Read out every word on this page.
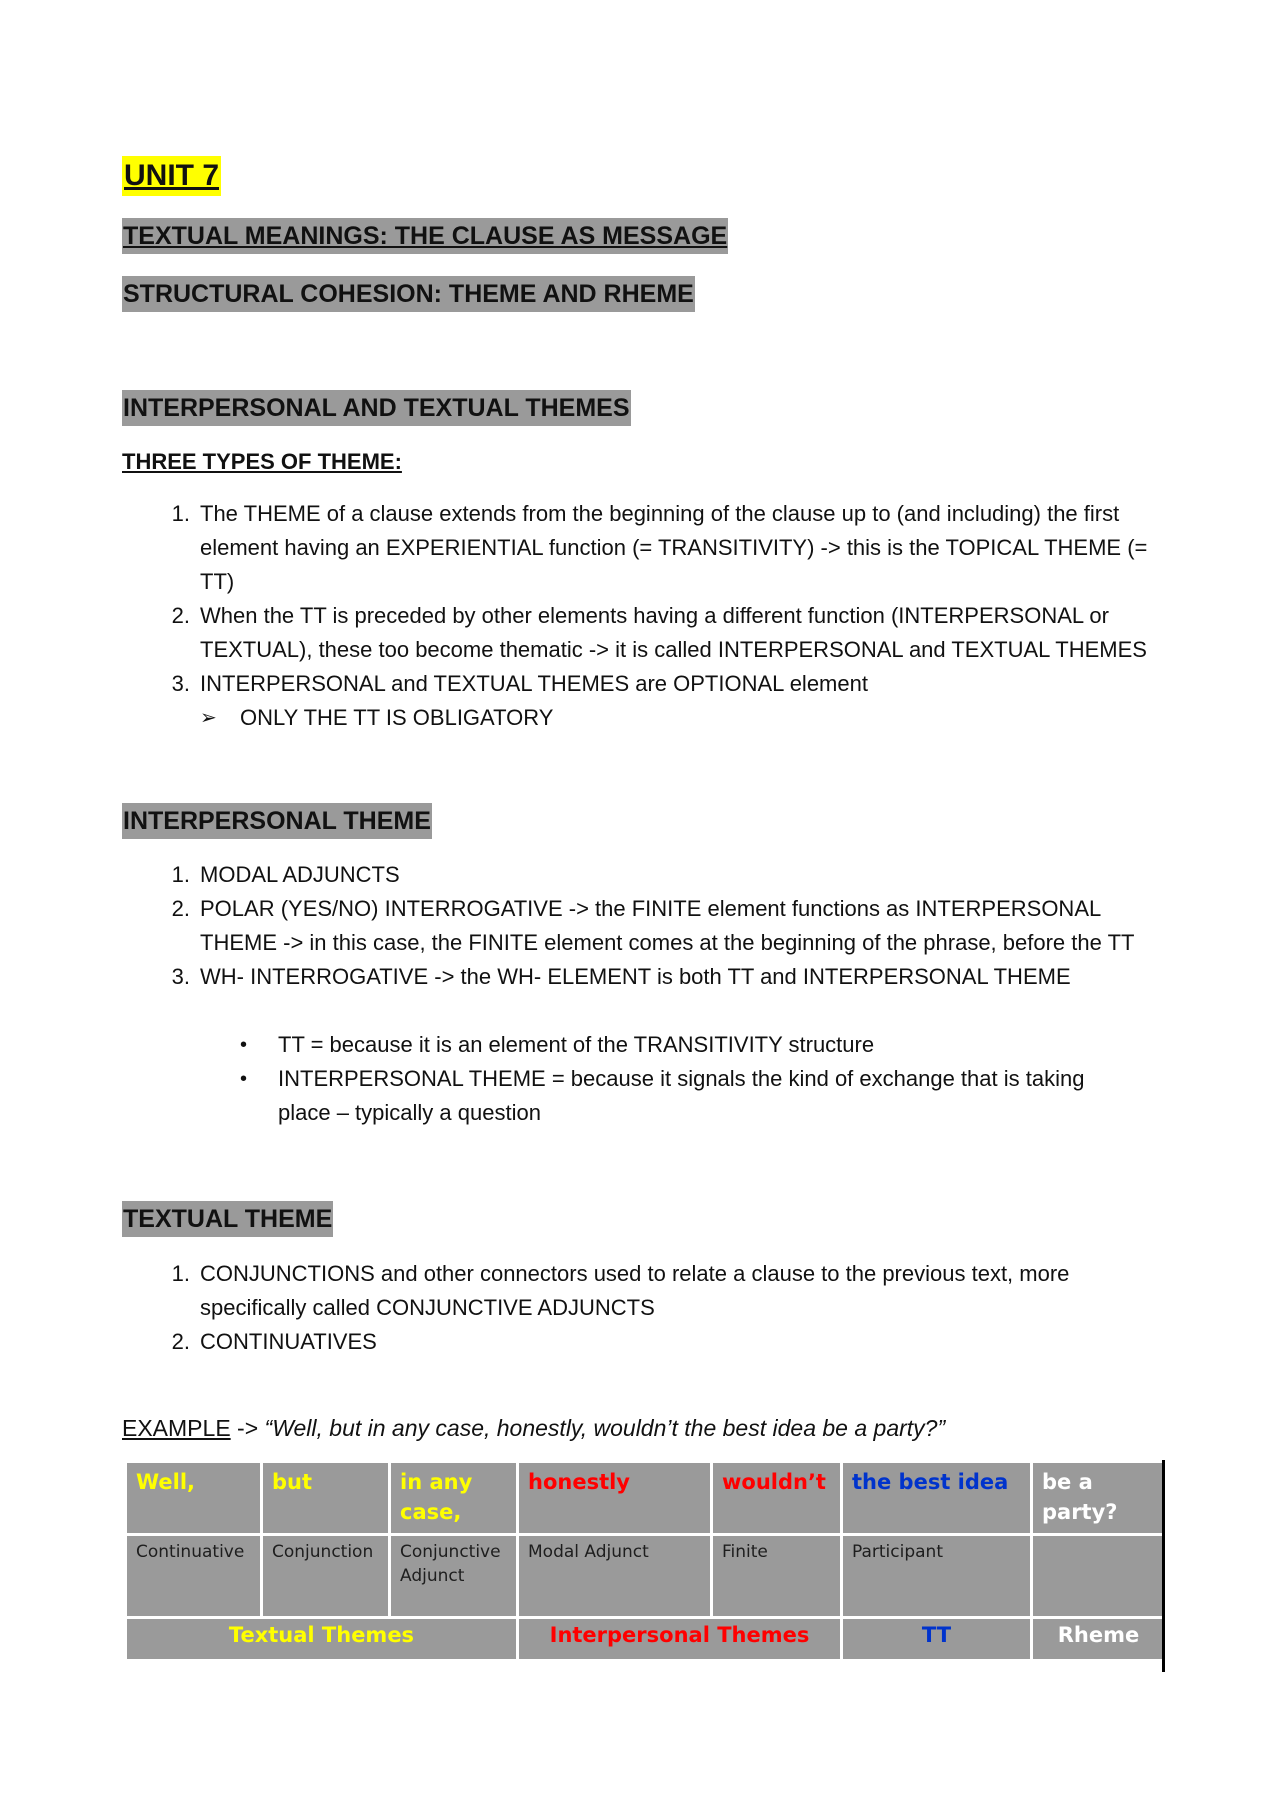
UNIT 7
TEXTUAL MEANINGS: THE CLAUSE AS MESSAGE
STRUCTURAL COHESION: THEME AND RHEME
INTERPERSONAL AND TEXTUAL THEMES
THREE TYPES OF THEME:
1. The THEME of a clause extends from the beginning of the clause up to (and including) the first element having an EXPERIENTIAL function (= TRANSITIVITY) -> this is the TOPICAL THEME (= TT)
2. When the TT is preceded by other elements having a different function (INTERPERSONAL or TEXTUAL), these too become thematic -> it is called INTERPERSONAL and TEXTUAL THEMES
3. INTERPERSONAL and TEXTUAL THEMES are OPTIONAL element
➢ ONLY THE TT IS OBLIGATORY
INTERPERSONAL THEME
1. MODAL ADJUNCTS
2. POLAR (YES/NO) INTERROGATIVE -> the FINITE element functions as INTERPERSONAL THEME -> in this case, the FINITE element comes at the beginning of the phrase, before the TT
3. WH- INTERROGATIVE -> the WH- ELEMENT is both TT and INTERPERSONAL THEME
• TT = because it is an element of the TRANSITIVITY structure
• INTERPERSONAL THEME = because it signals the kind of exchange that is taking place – typically a question
TEXTUAL THEME
1. CONJUNCTIONS and other connectors used to relate a clause to the previous text, more specifically called CONJUNCTIVE ADJUNCTS
2. CONTINUATIVES
EXAMPLE -> “Well, but in any case, honestly, wouldn’t the best idea be a party?”
Well,	but	in any case,	honestly	wouldn’t	the best idea	be a party?
Continuative	Conjunction	Conjunctive Adjunct	Modal Adjunct	Finite	Participant	
Textual Themes			Interpersonal Themes		TT	Rheme
